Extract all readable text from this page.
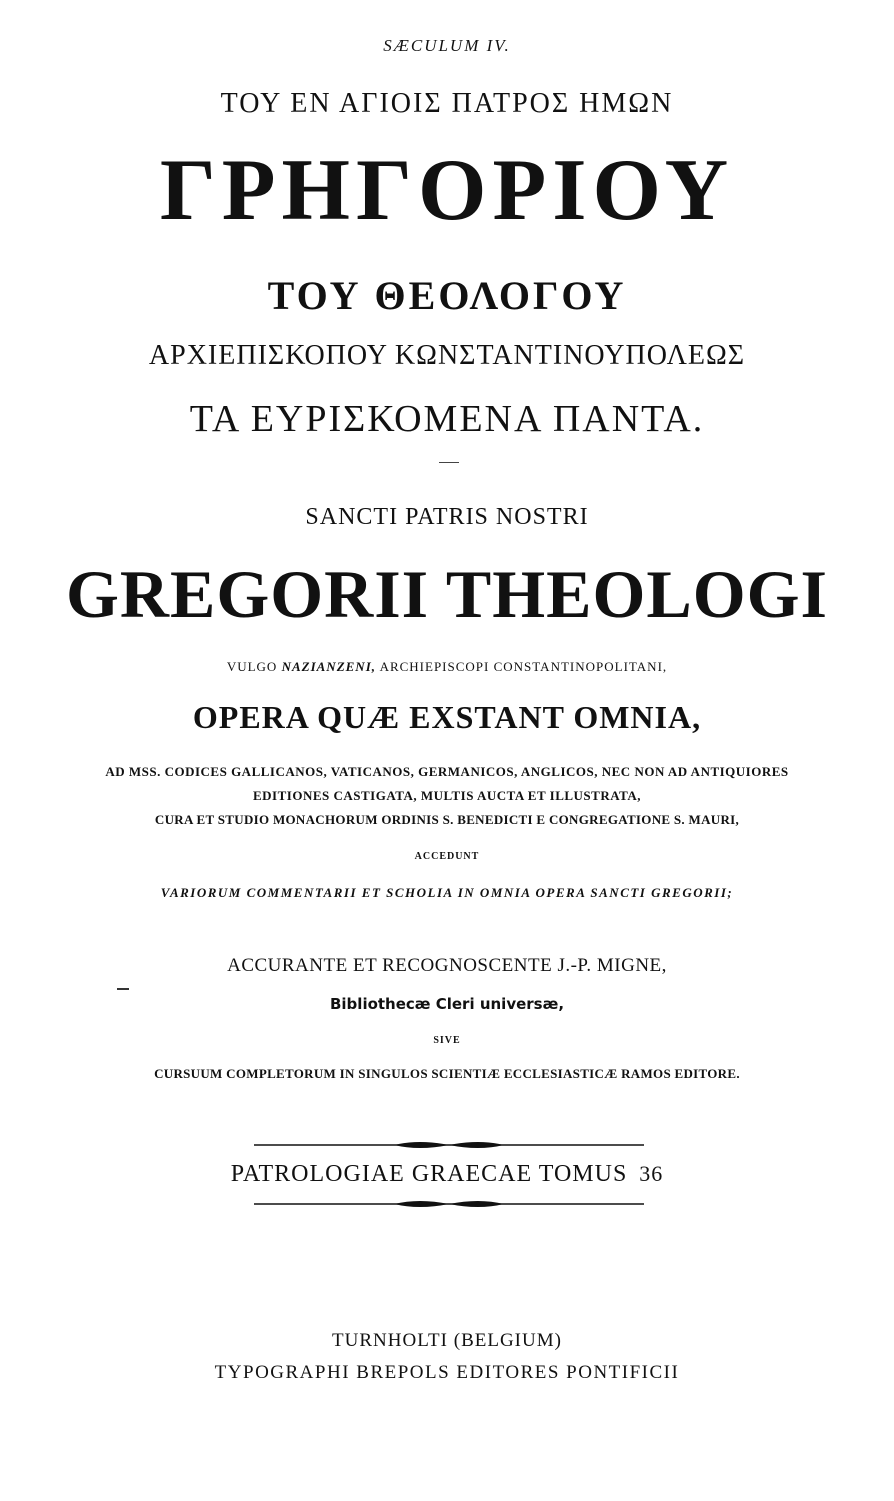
SÆCULUM IV.
ΤΟΥ ΕΝ ΑΓΙΟΙΣ ΠΑΤΡΟΣ ΗΜΩΝ
ΓΡΗΓΟΡΙΟΥ
ΤΟΥ ΘΕΟΛΟΓΟΥ
ΑΡΧΙΕΠΙΣΚΟΠΟΥ ΚΩΝΣΤΑΝΤΙΝΟΥΠΟΛΕΩΣ
ΤΑ ΕΥΡΙΣΚΟΜΕΝΑ ΠΑΝΤΑ.
SANCTI PATRIS NOSTRI
GREGORII THEOLOGI
VULGO NAZIANZENI, ARCHIEPISCOPI CONSTANTINOPOLITANI,
OPERA QUÆ EXSTANT OMNIA,
AD MSS. CODICES GALLICANOS, VATICANOS, GERMANICOS, ANGLICOS, NEC NON AD ANTIQUIORES
EDITIONES CASTIGATA, MULTIS AUCTA ET ILLUSTRATA,
CURA ET STUDIO MONACHORUM ORDINIS S. BENEDICTI E CONGREGATIONE S. MAURI,
ACCEDUNT
VARIORUM COMMENTARII ET SCHOLIA IN OMNIA OPERA SANCTI GREGORII;
ACCURANTE ET RECOGNOSCENTE J.-P. MIGNE,
Bibliothecæ Cleri universæ,
SIVE
CURSUUM COMPLETORUM IN SINGULOS SCIENTIÆ ECCLESIASTICÆ RAMOS EDITORE.
PATROLOGIAE GRAECAE TOMUS 36
TURNHOLTI (BELGIUM)
TYPOGRAPHI BREPOLS EDITORES PONTIFICII
